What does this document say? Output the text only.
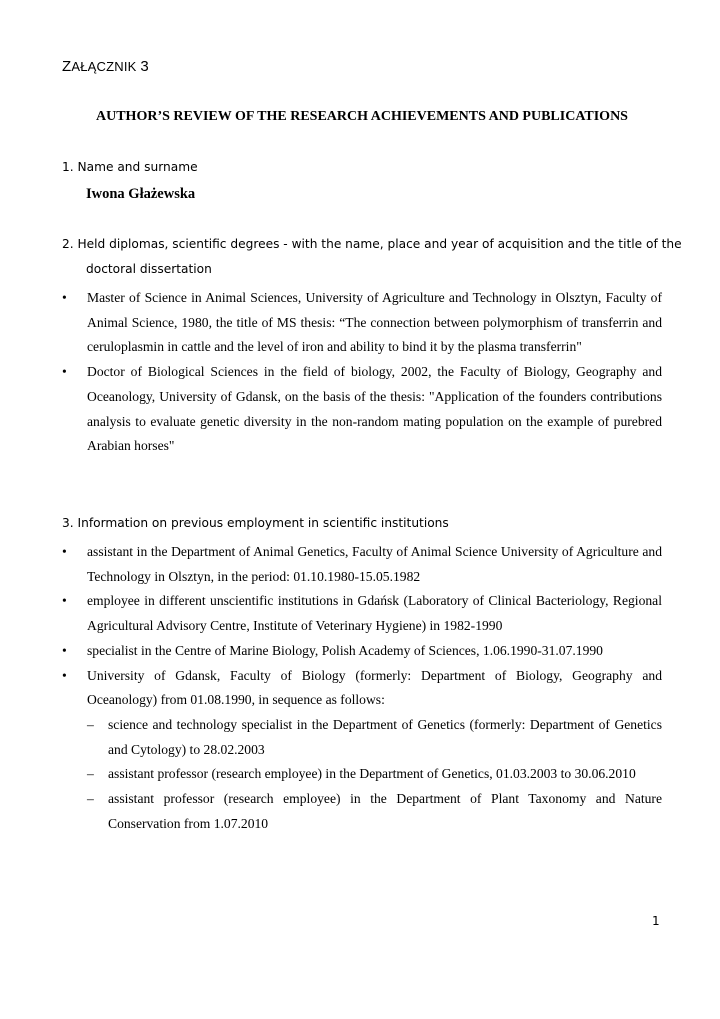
ZAŁĄCZNIK 3
AUTHOR’S REVIEW OF THE RESEARCH ACHIEVEMENTS AND PUBLICATIONS
1. Name and surname
Iwona Głażewska
2. Held diplomas, scientific degrees - with the name, place and year of acquisition and the title of the
doctoral dissertation
•	Master of Science in Animal Sciences, University of Agriculture and Technology in Olsztyn, Faculty of Animal Science, 1980, the title of MS thesis: “The connection between polymorphism of transferrin and ceruloplasmin in cattle and the level of iron and ability to bind it by the plasma transferrin"
•	Doctor of Biological Sciences in the field of biology, 2002, the Faculty of Biology, Geography and Oceanology, University of Gdansk, on the basis of the thesis: "Application of the founders contributions analysis to evaluate genetic diversity in the non-random mating population on the example of purebred Arabian horses"
3. Information on previous employment in scientific institutions
•	assistant in the Department of Animal Genetics, Faculty of Animal Science University of Agriculture and Technology in Olsztyn, in the period: 01.10.1980-15.05.1982
•	employee in different unscientific institutions in Gdańsk (Laboratory of Clinical Bacteriology, Regional Agricultural Advisory Centre, Institute of Veterinary Hygiene) in 1982-1990
•	specialist in the Centre of Marine Biology, Polish Academy of Sciences, 1.06.1990-31.07.1990
•	University of Gdansk, Faculty of Biology (formerly: Department of Biology, Geography and Oceanology) from 01.08.1990, in sequence as follows:
–	science and technology specialist in the Department of Genetics (formerly: Department of Genetics and Cytology) to 28.02.2003
–	assistant professor (research employee) in the Department of Genetics, 01.03.2003 to 30.06.2010
–	assistant professor (research employee) in the Department of Plant Taxonomy and Nature Conservation from 1.07.2010
1
